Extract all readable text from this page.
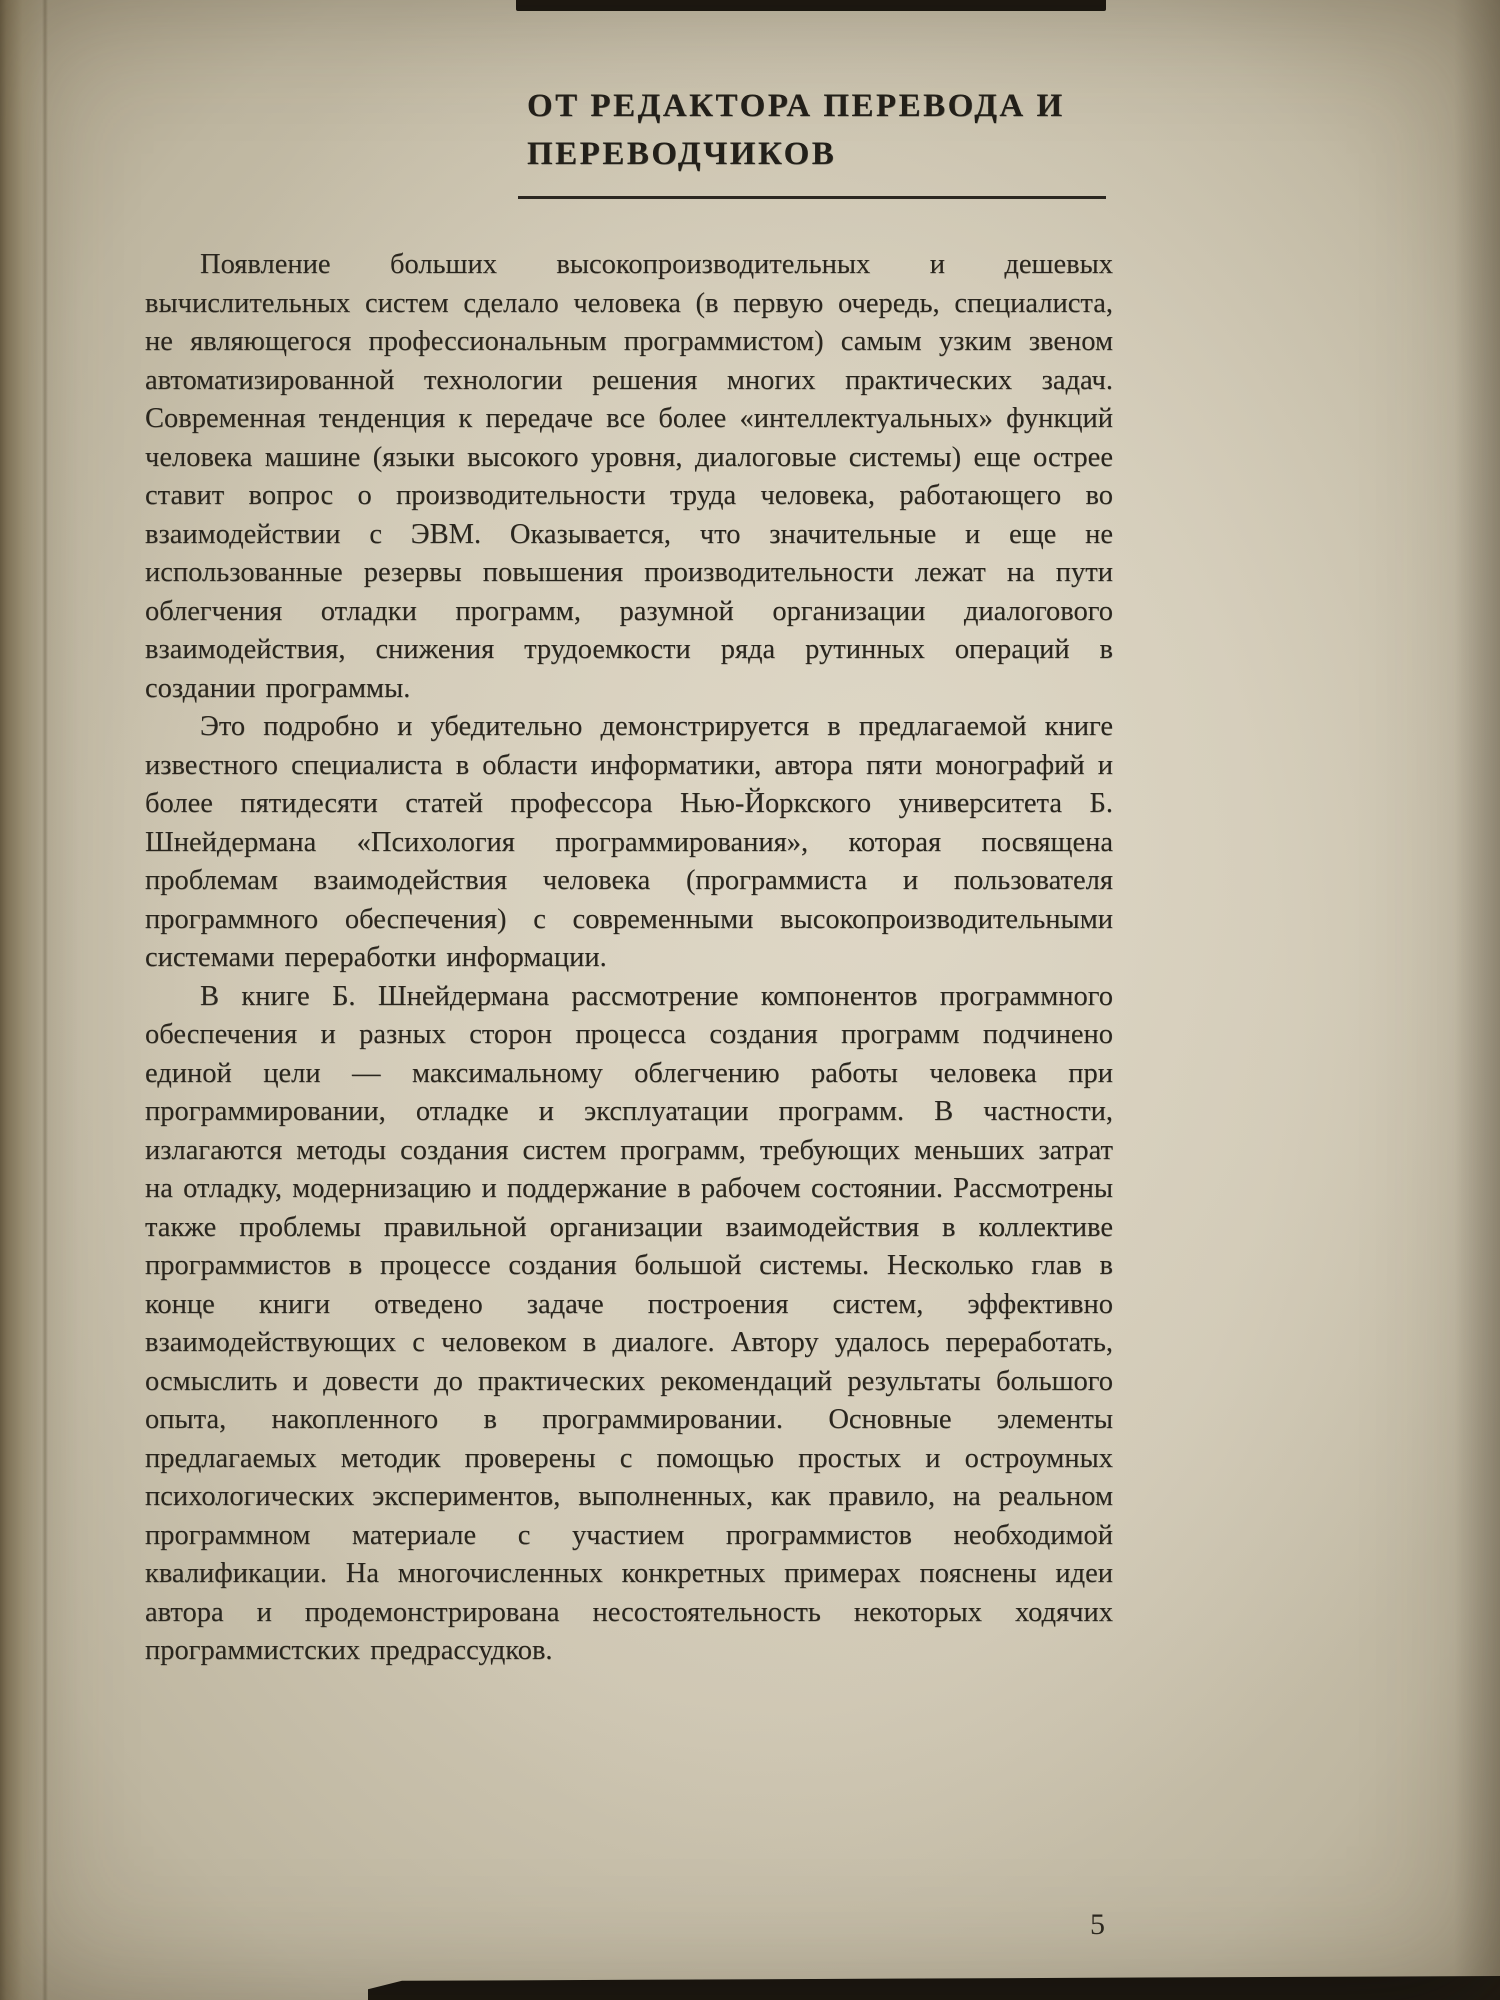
ОТ РЕДАКТОРА ПЕРЕВОДА И ПЕРЕВОДЧИКОВ

Появление больших высокопроизводительных и дешевых вычислительных систем сделало человека (в первую очередь, специалиста, не являющегося профессиональным программистом) самым узким звеном автоматизированной технологии решения многих практических задач. Современная тенденция к передаче все более «интеллектуальных» функций человека машине (языки высокого уровня, диалоговые системы) еще острее ставит вопрос о производительности труда человека, работающего во взаимодействии с ЭВМ. Оказывается, что значительные и еще не использованные резервы повышения производительности лежат на пути облегчения отладки программ, разумной организации диалогового взаимодействия, снижения трудоемкости ряда рутинных операций в создании программы.

Это подробно и убедительно демонстрируется в предлагаемой книге известного специалиста в области информатики, автора пяти монографий и более пятидесяти статей профессора Нью-Йоркского университета Б. Шнейдермана «Психология программирования», которая посвящена проблемам взаимодействия человека (программиста и пользователя программного обеспечения) с современными высокопроизводительными системами переработки информации.

В книге Б. Шнейдермана рассмотрение компонентов программного обеспечения и разных сторон процесса создания программ подчинено единой цели — максимальному облегчению работы человека при программировании, отладке и эксплуатации программ. В частности, излагаются методы создания систем программ, требующих меньших затрат на отладку, модернизацию и поддержание в рабочем состоянии. Рассмотрены также проблемы правильной организации взаимодействия в коллективе программистов в процессе создания большой системы. Несколько глав в конце книги отведено задаче построения систем, эффективно взаимодействующих с человеком в диалоге. Автору удалось переработать, осмыслить и довести до практических рекомендаций результаты большого опыта, накопленного в программировании. Основные элементы предлагаемых методик проверены с помощью простых и остроумных психологических экспериментов, выполненных, как правило, на реальном программном материале с участием программистов необходимой квалификации. На многочисленных конкретных примерах пояснены идеи автора и продемонстрирована несостоятельность некоторых ходячих программистских предрассудков.

5
